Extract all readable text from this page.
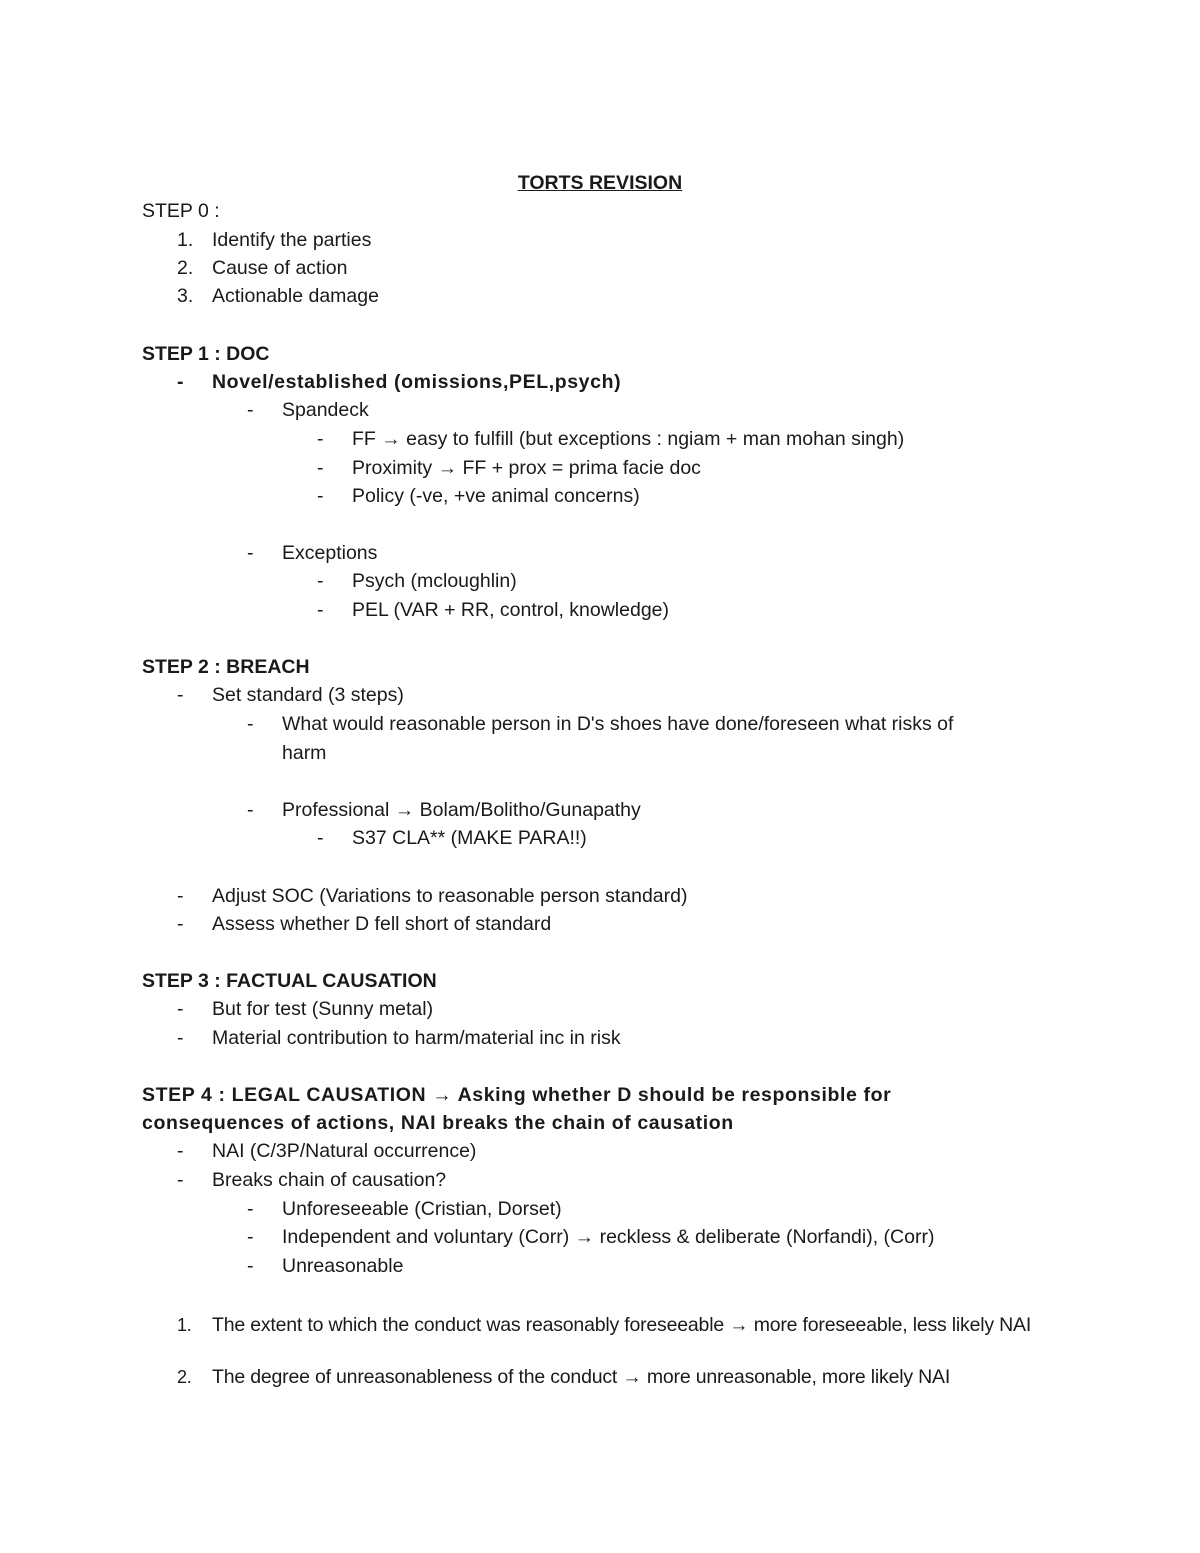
TORTS REVISION
STEP 0 :
1. Identify the parties
2. Cause of action
3. Actionable damage
STEP 1 : DOC
- Novel/established (omissions,PEL,psych)
- Spandeck
- FF → easy to fulfill (but exceptions : ngiam + man mohan singh)
- Proximity → FF + prox = prima facie doc
- Policy (-ve, +ve animal concerns)
- Exceptions
- Psych (mcloughlin)
- PEL (VAR + RR, control, knowledge)
STEP 2 : BREACH
- Set standard (3 steps)
- What would reasonable person in D's shoes have done/foreseen what risks of
harm
- Professional → Bolam/Bolitho/Gunapathy
- S37 CLA** (MAKE PARA!!)
- Adjust SOC (Variations to reasonable person standard)
- Assess whether D fell short of standard
STEP 3 : FACTUAL CAUSATION
- But for test (Sunny metal)
- Material contribution to harm/material inc in risk
STEP 4 : LEGAL CAUSATION → Asking whether D should be responsible for
consequences of actions, NAI breaks the chain of causation
- NAI (C/3P/Natural occurrence)
- Breaks chain of causation?
- Unforeseeable (Cristian, Dorset)
- Independent and voluntary (Corr) → reckless & deliberate (Norfandi), (Corr)
- Unreasonable
1. The extent to which the conduct was reasonably foreseeable → more foreseeable, less likely NAI
2. The degree of unreasonableness of the conduct → more unreasonable, more likely NAI
